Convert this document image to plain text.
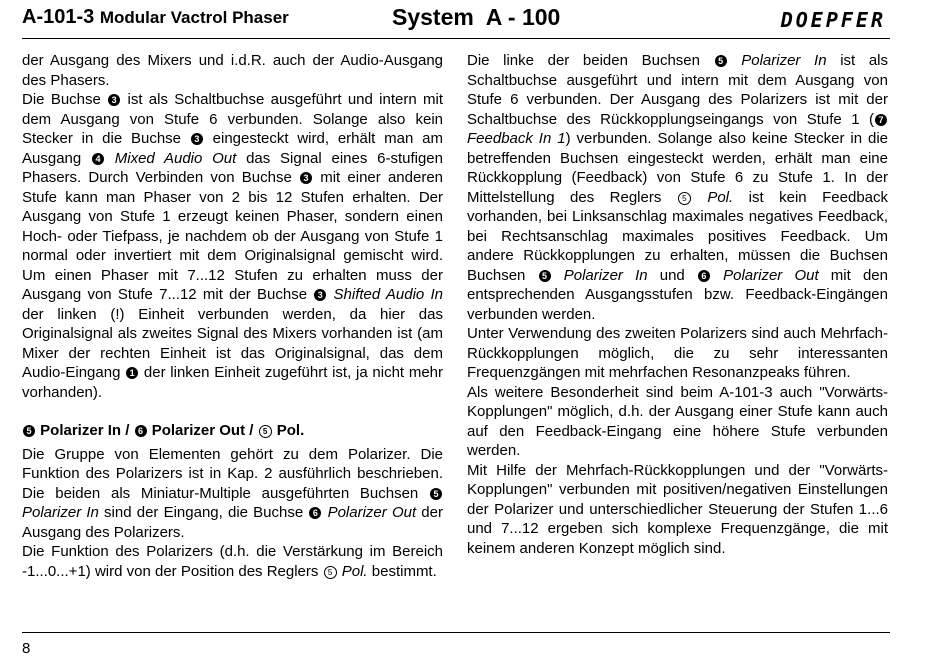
A-101-3 Modular Vactrol Phaser	System  A - 100	DOEPFER

der Ausgang des Mixers und i.d.R. auch der Audio-Ausgang des Phasers.

Die Buchse 3 ist als Schaltbuchse ausgeführt und intern mit dem Ausgang von Stufe 6 verbunden. Solange also kein Stecker in die Buchse 3 eingesteckt wird, erhält man am Ausgang 4 Mixed Audio Out das Signal eines 6-stufigen Phasers. Durch Verbinden von Buchse 3 mit einer anderen Stufe kann man Phaser von 2 bis 12 Stufen erhalten. Der Ausgang von Stufe 1 erzeugt keinen Phaser, sondern einen Hoch- oder Tiefpass, je nachdem ob der Ausgang von Stufe 1 normal oder invertiert mit dem Originalsignal gemischt wird. Um einen Phaser mit 7...12 Stufen zu erhalten muss der Ausgang von Stufe 7...12 mit der Buchse 3 Shifted Audio In der linken (!) Einheit verbunden werden, da hier das Originalsignal als zweites Signal des Mixers vorhanden ist (am Mixer der rechten Einheit ist das Originalsignal, das dem Audio-Eingang 1 der linken Einheit zugeführt ist, ja nicht mehr vorhanden).

5 Polarizer In / 6 Polarizer Out / 5 Pol.

Die Gruppe von Elementen gehört zu dem Polarizer. Die Funktion des Polarizers ist in Kap. 2 ausführlich beschrieben. Die beiden als Miniatur-Multiple ausgeführten Buchsen 5 Polarizer In sind der Eingang, die Buchse 6 Polarizer Out der Ausgang des Polarizers.

Die Funktion des Polarizers (d.h. die Verstärkung im Bereich -1...0...+1) wird von der Position des Reglers 5 Pol. bestimmt.

Die linke der beiden Buchsen 5 Polarizer In ist als Schaltbuchse ausgeführt und intern mit dem Ausgang von Stufe 6 verbunden. Der Ausgang des Polarizers ist mit der Schaltbuchse des Rückkopplungseingangs von Stufe 1 ( 7 Feedback In 1) verbunden. Solange also keine Stecker in die betreffenden Buchsen eingesteckt werden, erhält man eine Rückkopplung (Feedback) von Stufe 6 zu Stufe 1. In der Mittelstellung des Reglers 5 Pol. ist kein Feedback vorhanden, bei Linksanschlag maximales negatives Feedback, bei Rechtsanschlag maximales positives Feedback. Um andere Rückkopplungen zu erhalten, müssen die Buchsen Buchsen 5 Polarizer In und 6 Polarizer Out mit den entsprechenden Ausgangsstufen bzw. Feedback-Eingängen verbunden werden.

Unter Verwendung des zweiten Polarizers sind auch Mehrfach-Rückkopplungen möglich, die zu sehr interessanten Frequenzgängen mit mehrfachen Resonanzpeaks führen.

Als weitere Besonderheit sind beim A-101-3 auch "Vorwärts-Kopplungen" möglich, d.h. der Ausgang einer Stufe kann auch auf den Feedback-Eingang eine höhere Stufe verbunden werden.

Mit Hilfe der Mehrfach-Rückkopplungen und der "Vorwärts-Kopplungen" verbunden mit positiven/negativen Einstellungen der Polarizer und unterschiedlicher Steuerung der Stufen 1...6 und 7...12 ergeben sich komplexe Frequenzgänge, die mit keinem anderen Konzept möglich sind.

8
